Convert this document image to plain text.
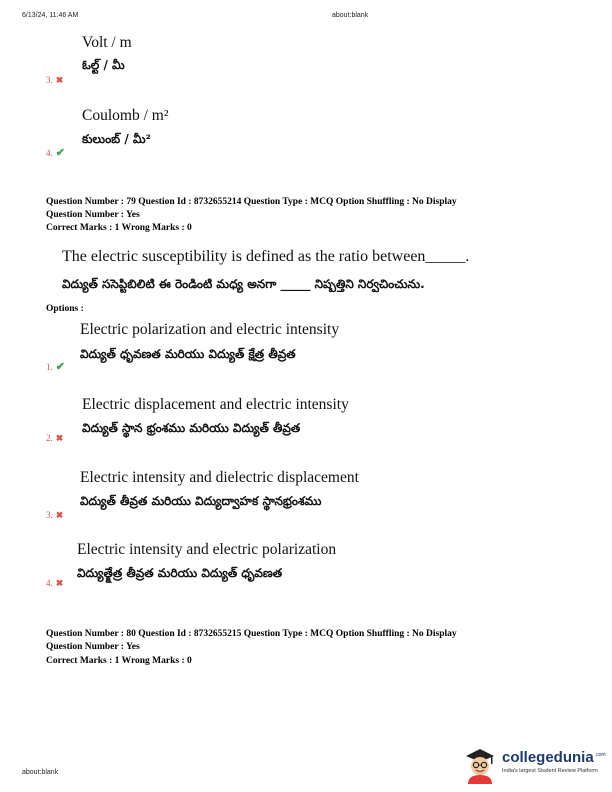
6/13/24, 11:46 AM	about:blank
Volt / m
ఓల్ట్ / మీ
3. ✖
Coulomb / m²
కులుంబ్ / మీ²
4. ✔
Question Number : 79 Question Id : 8732655214 Question Type : MCQ Option Shuffling : No Display
Question Number : Yes
Correct Marks : 1 Wrong Marks : 0
The electric susceptibility is defined as the ratio between_____.
విద్యుత్ ససెప్టిబిలిటి ఈ రెండింటి మధ్య అనగా _____ నిష్పత్తిని నిర్వచించును.
Options :
Electric polarization and electric intensity
విద్యుత్ ధృవణత మరియు విద్యుత్ క్షేత్ర తీవ్రత
1. ✔
Electric displacement and electric intensity
విద్యుత్ స్థాన భ్రంశము మరియు విద్యుత్ తీవ్రత
2. ✖
Electric intensity and dielectric displacement
విద్యుత్ తీవ్రత మరియు విద్యుద్వాహక స్థానభ్రంశము
3. ✖
Electric intensity and electric polarization
విద్యుత్క్షేత్ర తీవ్రత మరియు విద్యుత్ ధృవణత
4. ✖
Question Number : 80 Question Id : 8732655215 Question Type : MCQ Option Shuffling : No Display
Question Number : Yes
Correct Marks : 1 Wrong Marks : 0
about:blank
collegedunia$^{.com}$
India's largest Student Review Platform
